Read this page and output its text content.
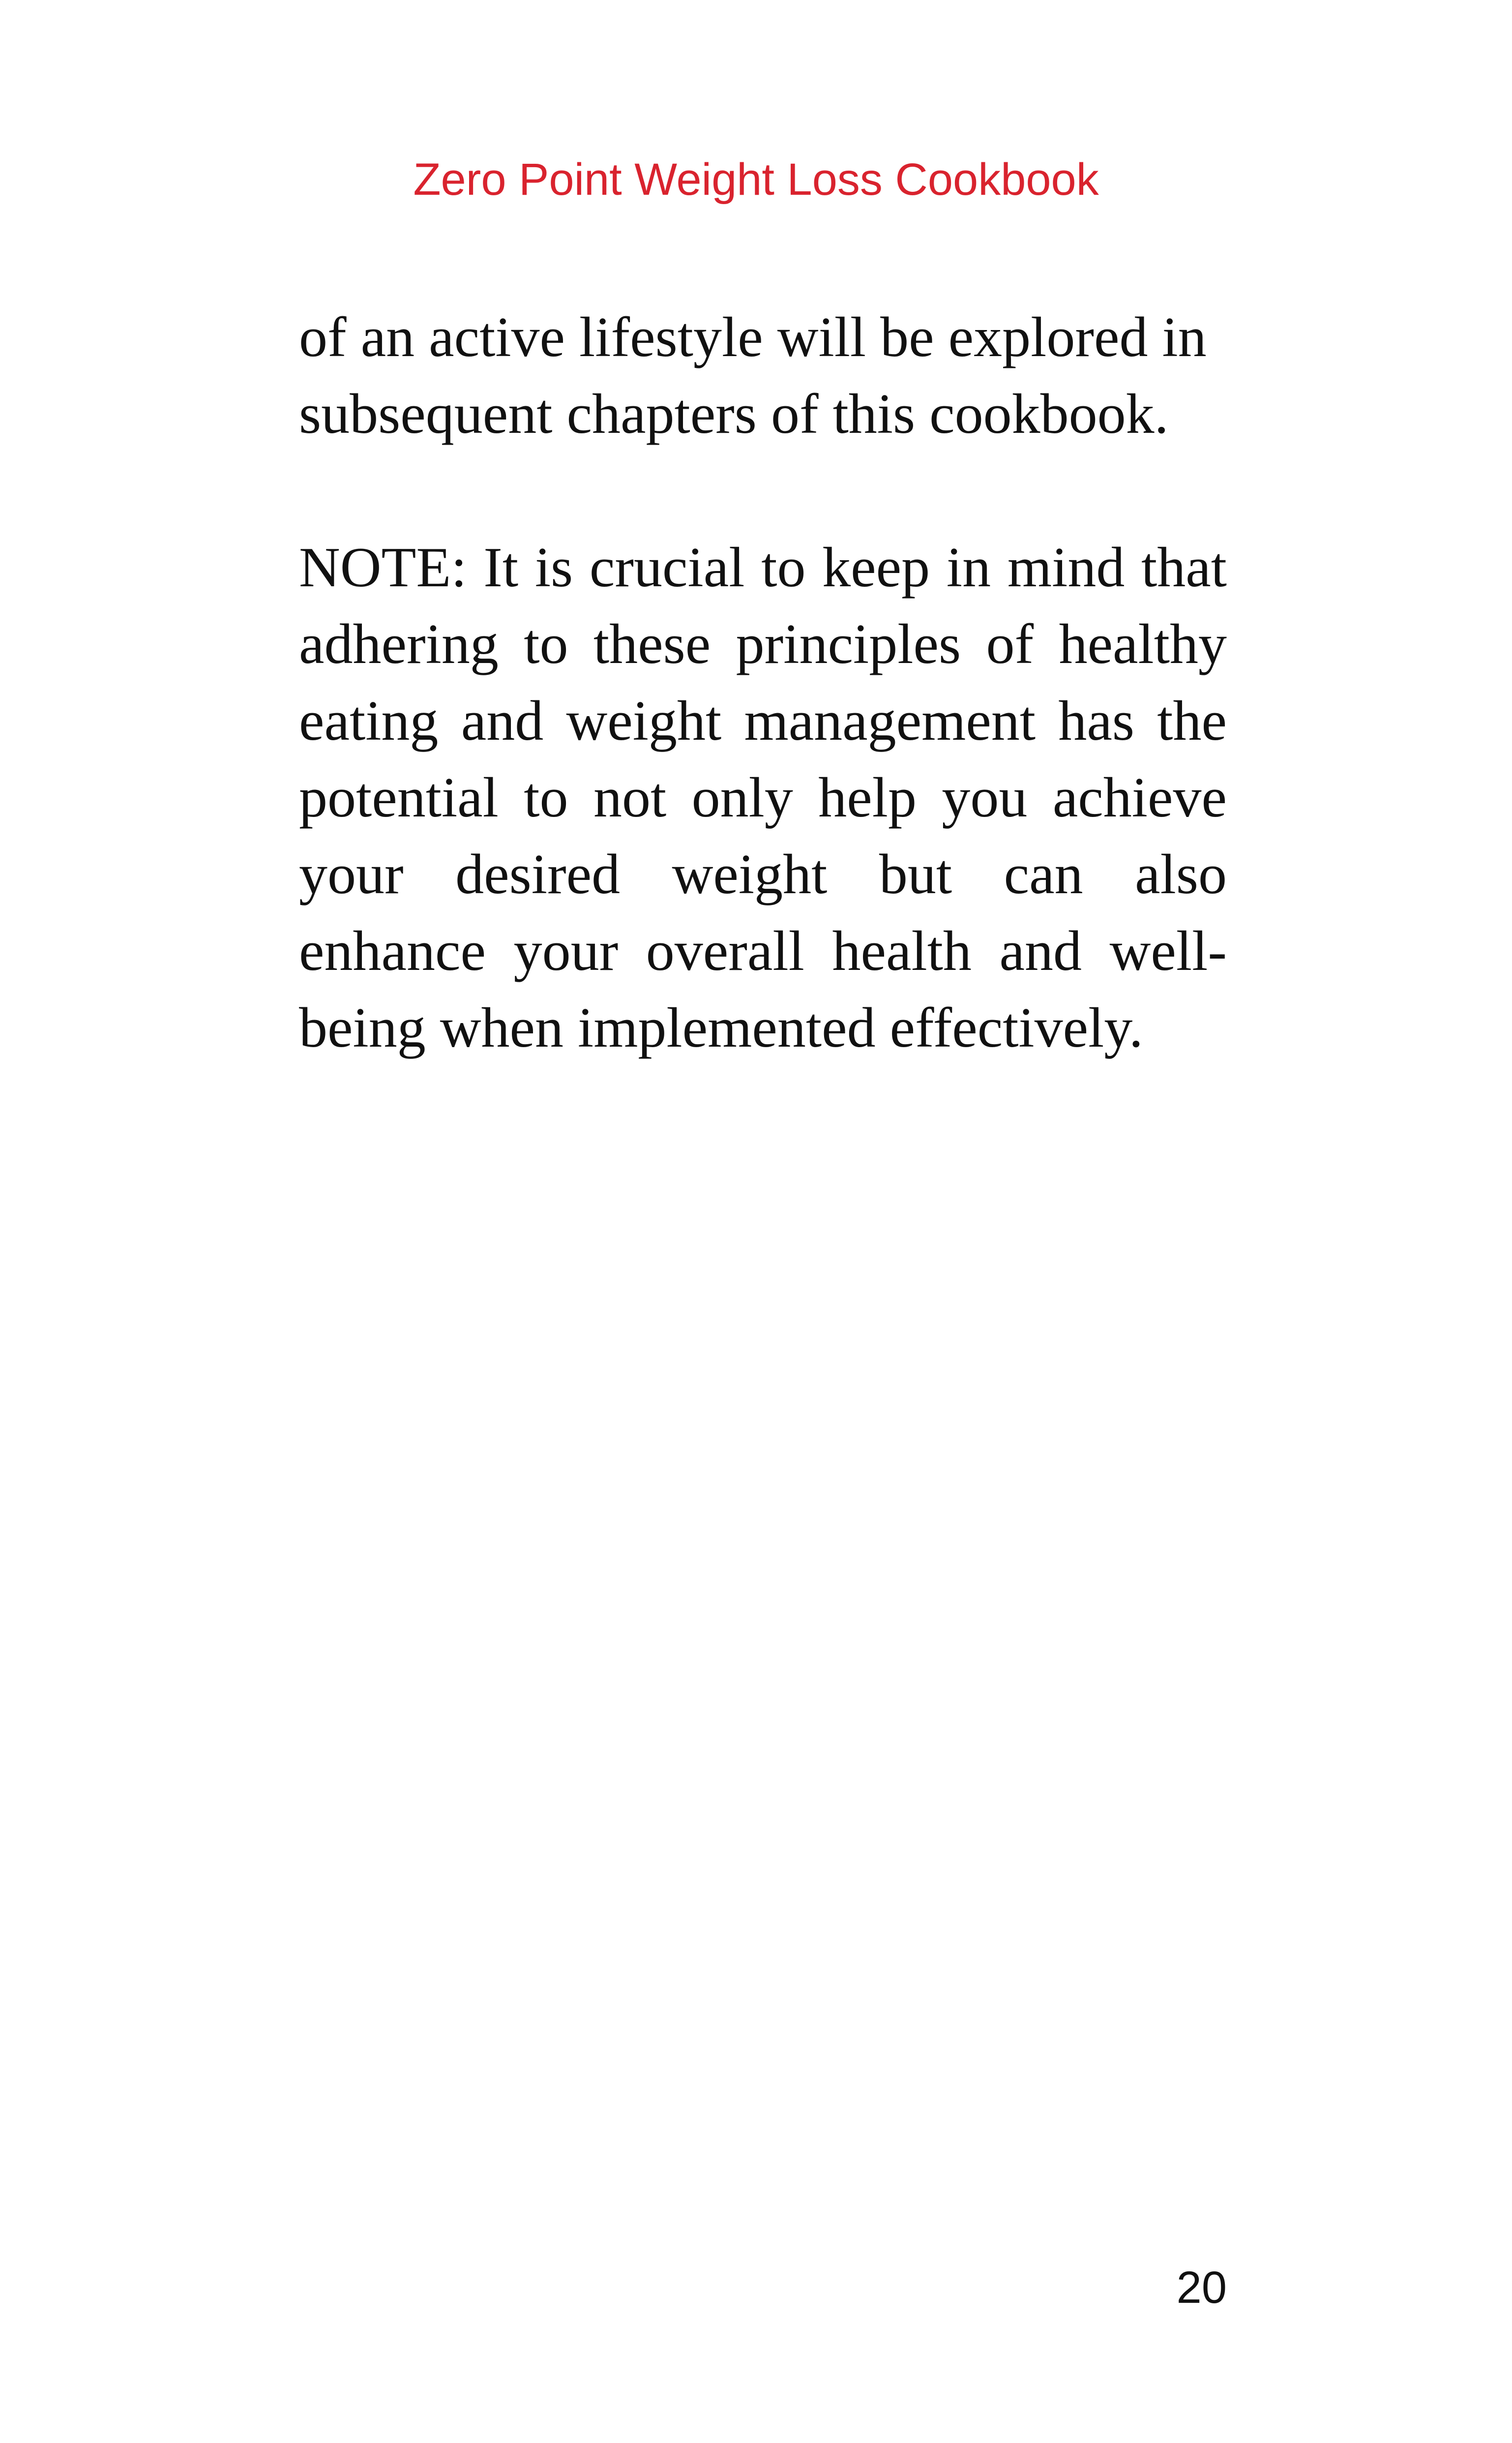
Zero Point Weight Loss Cookbook

of an active lifestyle will be explored in subsequent chapters of this cookbook.

NOTE: It is crucial to keep in mind that adhering to these principles of healthy eating and weight management has the potential to not only help you achieve your desired weight but can also enhance your overall health and well-being when implemented effectively.

20
